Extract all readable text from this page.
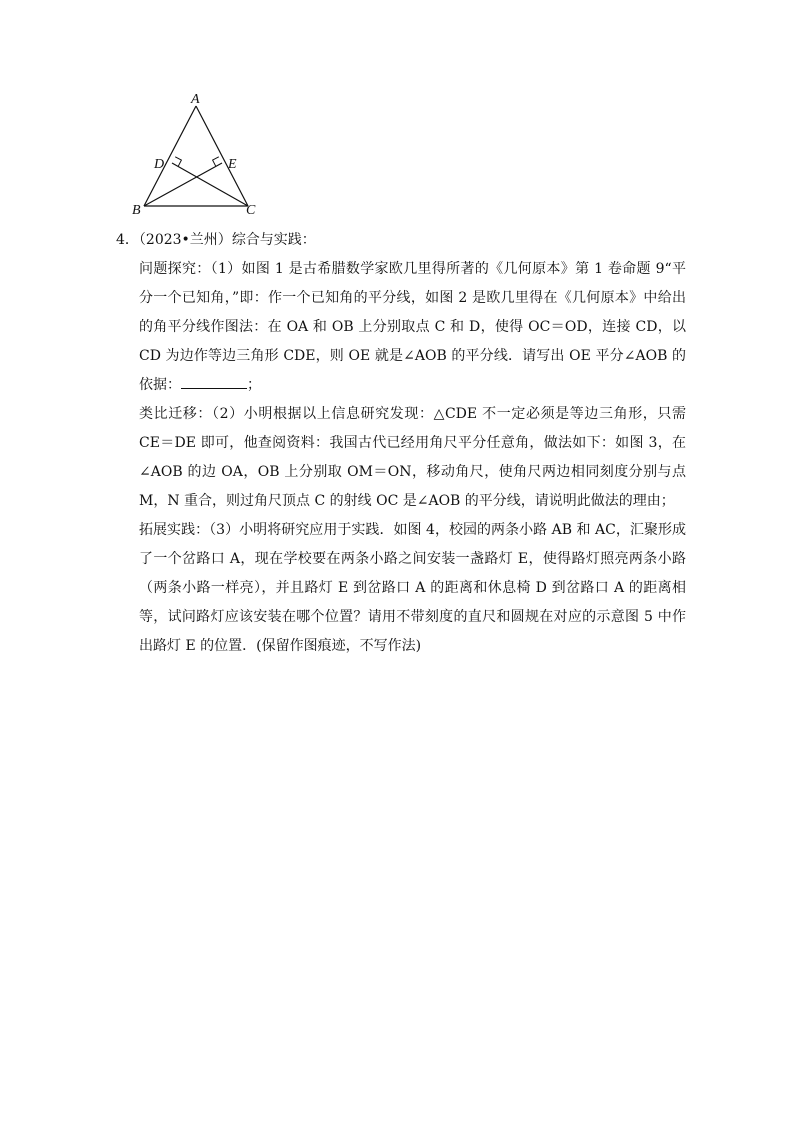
A
B	C
D	E
4．（2023•兰州）综合与实践：

问题探究：（1）如图 1 是古希腊数学家欧几里得所著的《几何原本》第 1 卷命题 9“平分一个已知角，”即：作一个已知角的平分线，如图 2 是欧几里得在《几何原本》中给出的角平分线作图法：在 OA 和 OB 上分别取点 C 和 D，使得 OC＝OD，连接 CD，以 CD 为边作等边三角形 CDE，则 OE 就是∠AOB 的平分线．请写出 OE 平分∠AOB 的依据：	；

类比迁移：（2）小明根据以上信息研究发现：△CDE 不一定必须是等边三角形，只需 CE＝DE 即可，他查阅资料：我国古代已经用角尺平分任意角，做法如下：如图 3，在∠AOB 的边 OA，OB 上分别取 OM＝ON，移动角尺，使角尺两边相同刻度分别与点 M，N 重合，则过角尺顶点 C 的射线 OC 是∠AOB 的平分线，请说明此做法的理由；

拓展实践：（3）小明将研究应用于实践．如图 4，校园的两条小路 AB 和 AC，汇聚形成了一个岔路口 A，现在学校要在两条小路之间安装一盏路灯 E，使得路灯照亮两条小路（两条小路一样亮），并且路灯 E 到岔路口 A 的距离和休息椅 D 到岔路口 A 的距离相等，试问路灯应该安装在哪个位置？请用不带刻度的直尺和圆规在对应的示意图 5 中作出路灯 E 的位置．(保留作图痕迹，不写作法)
